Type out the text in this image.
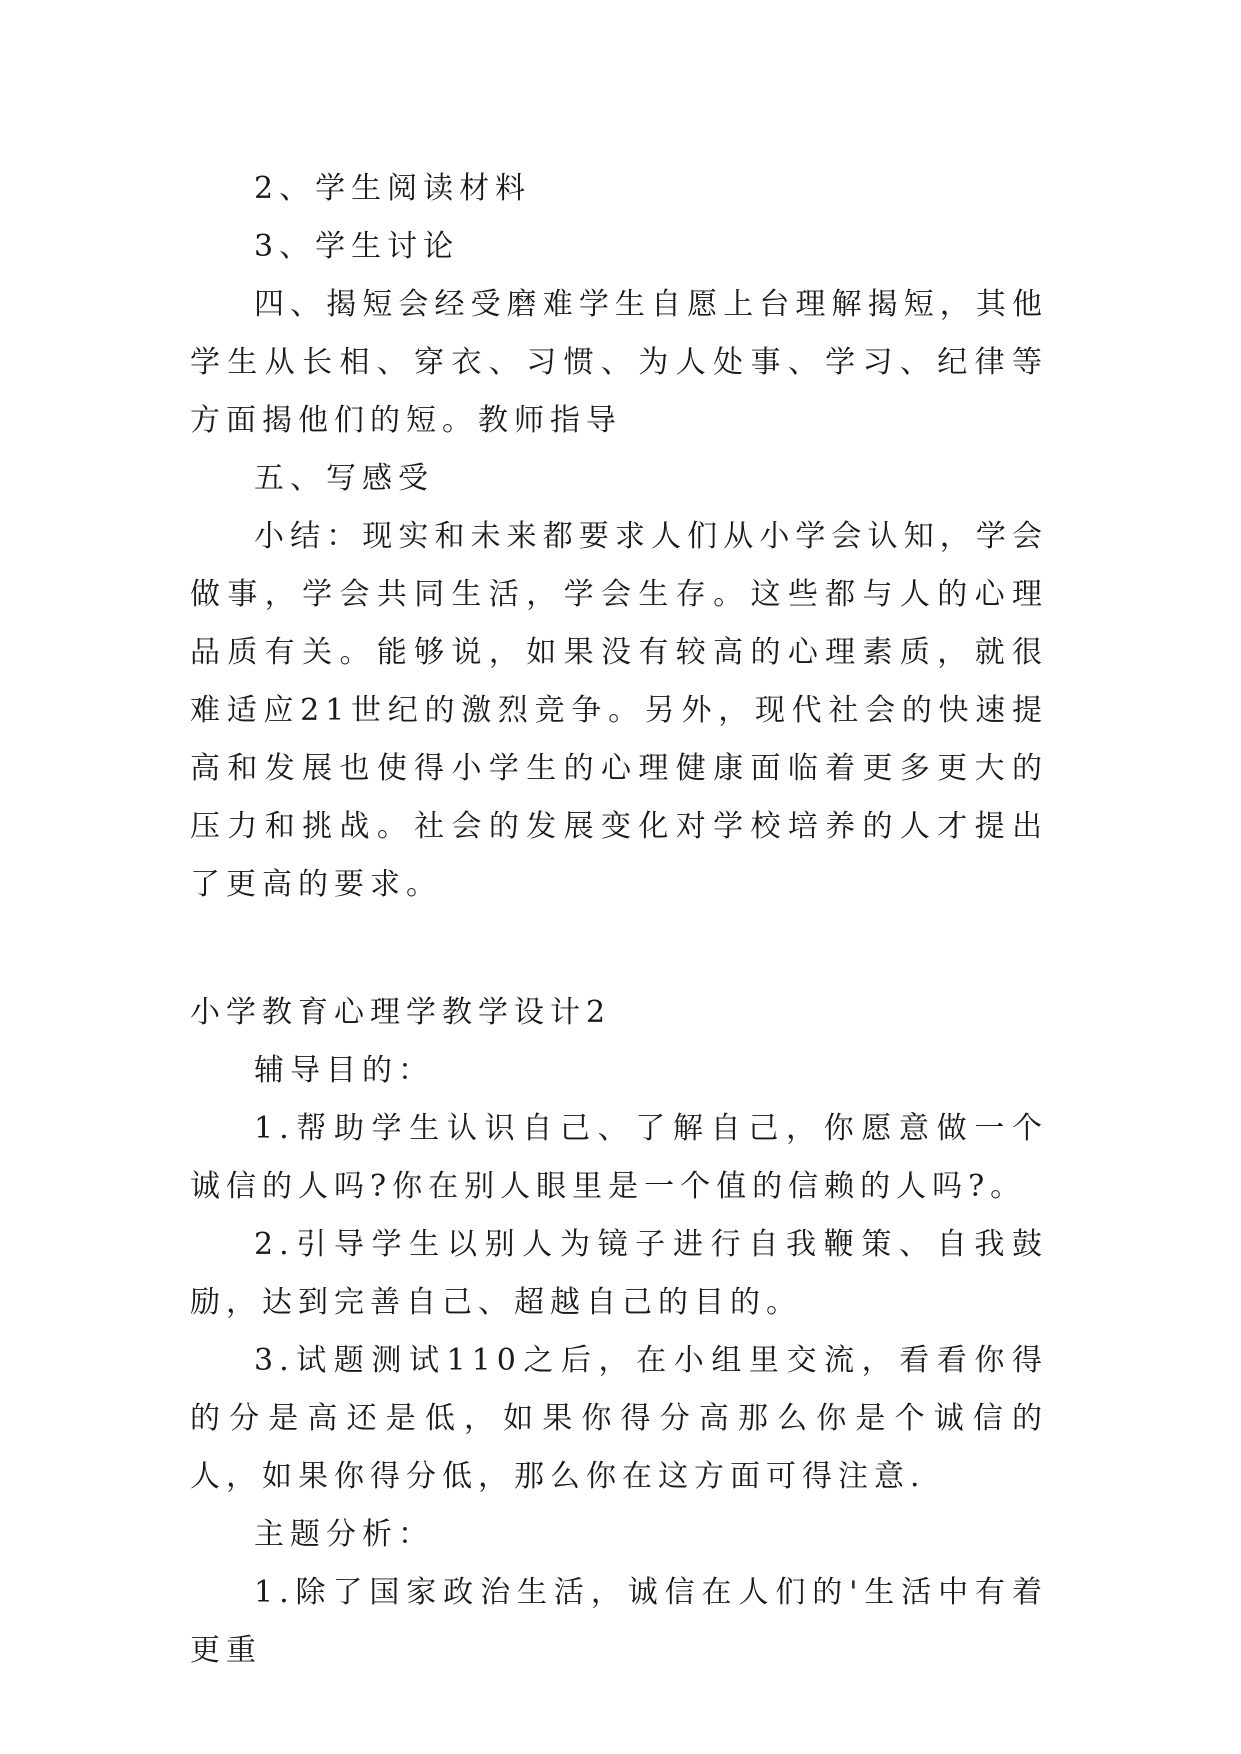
2、学生阅读材料

3、学生讨论

四、揭短会经受磨难学生自愿上台理解揭短，其他学生从长相、穿衣、习惯、为人处事、学习、纪律等方面揭他们的短。教师指导

五、写感受

小结：现实和未来都要求人们从小学会认知，学会做事，学会共同生活，学会生存。这些都与人的心理品质有关。能够说，如果没有较高的心理素质，就很难适应21世纪的激烈竞争。另外，现代社会的快速提高和发展也使得小学生的心理健康面临着更多更大的压力和挑战。社会的发展变化对学校培养的人才提出了更高的要求。

小学教育心理学教学设计2

辅导目的：

1.帮助学生认识自己、了解自己，你愿意做一个诚信的人吗?你在别人眼里是一个值的信赖的人吗?。

2.引导学生以别人为镜子进行自我鞭策、自我鼓励，达到完善自己、超越自己的目的。

3.试题测试110之后，在小组里交流，看看你得的分是高还是低，如果你得分高那么你是个诚信的人，如果你得分低，那么你在这方面可得注意.

主题分析：

1.除了国家政治生活，诚信在人们的'生活中有着更重
